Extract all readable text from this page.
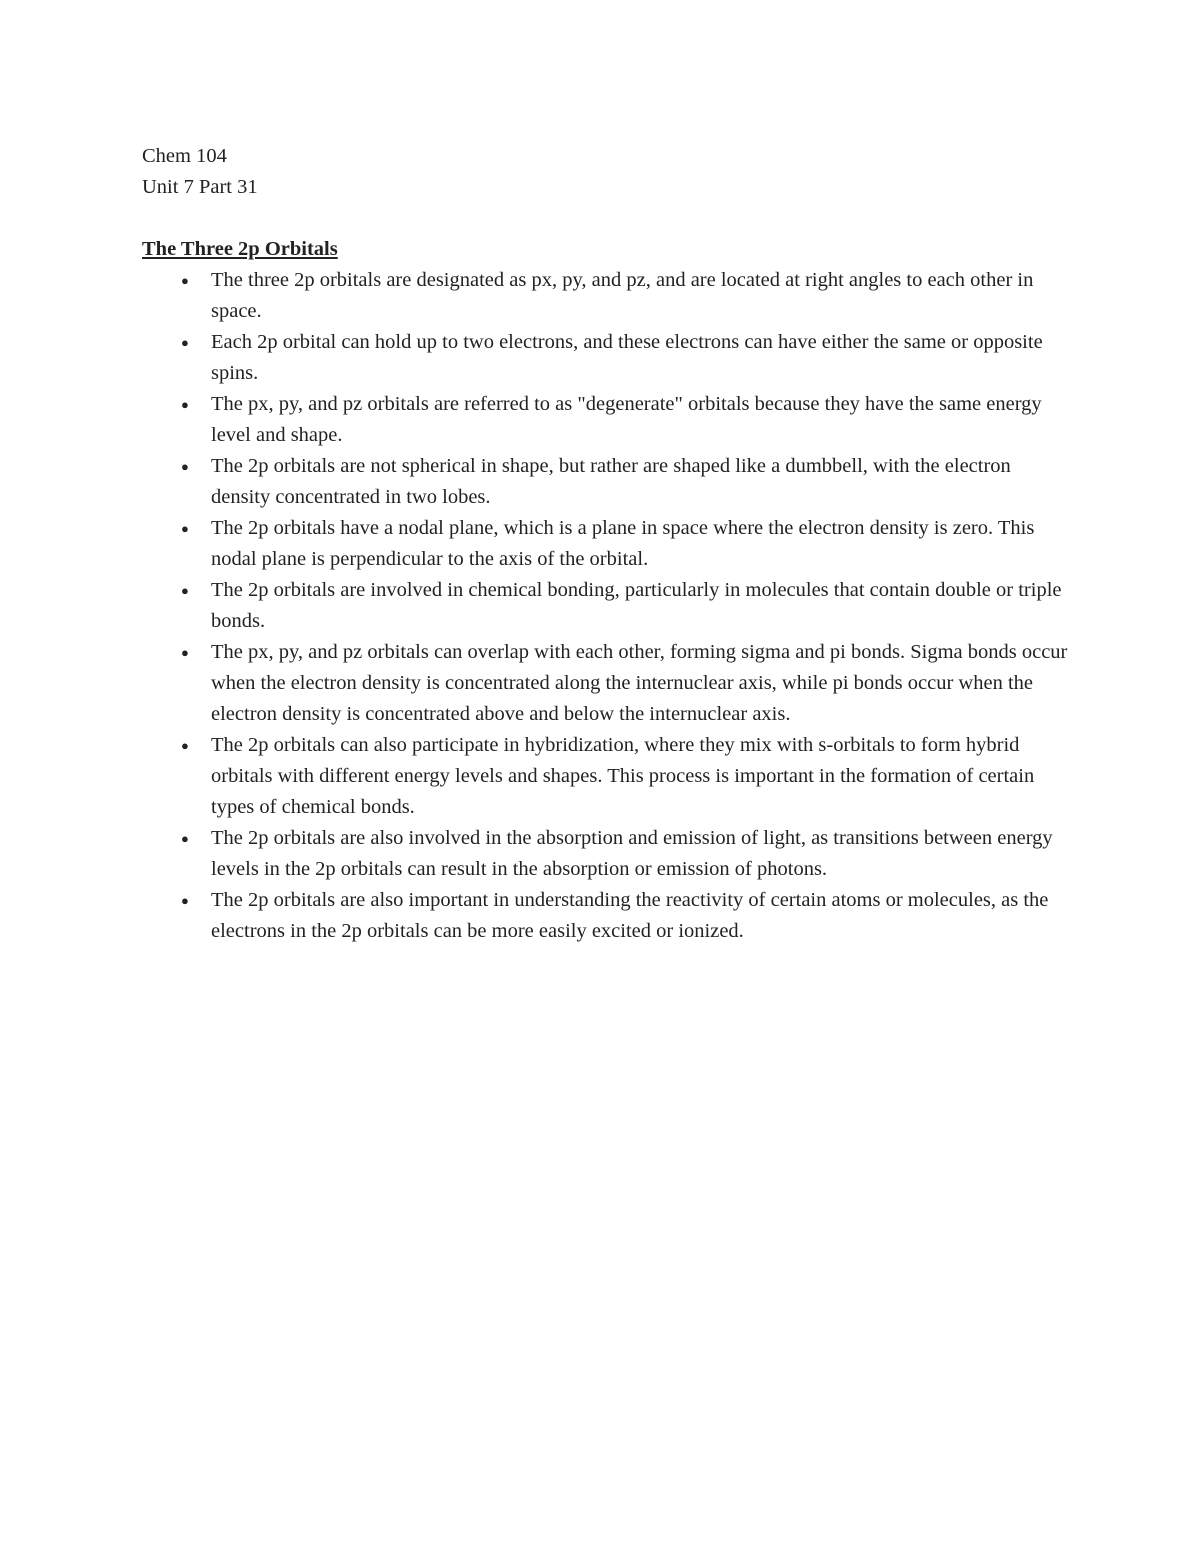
Chem 104

Unit 7 Part 31

The Three 2p Orbitals

● The three 2p orbitals are designated as px, py, and pz, and are located at right angles to each other in space.
● Each 2p orbital can hold up to two electrons, and these electrons can have either the same or opposite spins.
● The px, py, and pz orbitals are referred to as "degenerate" orbitals because they have the same energy level and shape.
● The 2p orbitals are not spherical in shape, but rather are shaped like a dumbbell, with the electron density concentrated in two lobes.
● The 2p orbitals have a nodal plane, which is a plane in space where the electron density is zero. This nodal plane is perpendicular to the axis of the orbital.
● The 2p orbitals are involved in chemical bonding, particularly in molecules that contain double or triple bonds.
● The px, py, and pz orbitals can overlap with each other, forming sigma and pi bonds. Sigma bonds occur when the electron density is concentrated along the internuclear axis, while pi bonds occur when the electron density is concentrated above and below the internuclear axis.
● The 2p orbitals can also participate in hybridization, where they mix with s-orbitals to form hybrid orbitals with different energy levels and shapes. This process is important in the formation of certain types of chemical bonds.
● The 2p orbitals are also involved in the absorption and emission of light, as transitions between energy levels in the 2p orbitals can result in the absorption or emission of photons.
● The 2p orbitals are also important in understanding the reactivity of certain atoms or molecules, as the electrons in the 2p orbitals can be more easily excited or ionized.
